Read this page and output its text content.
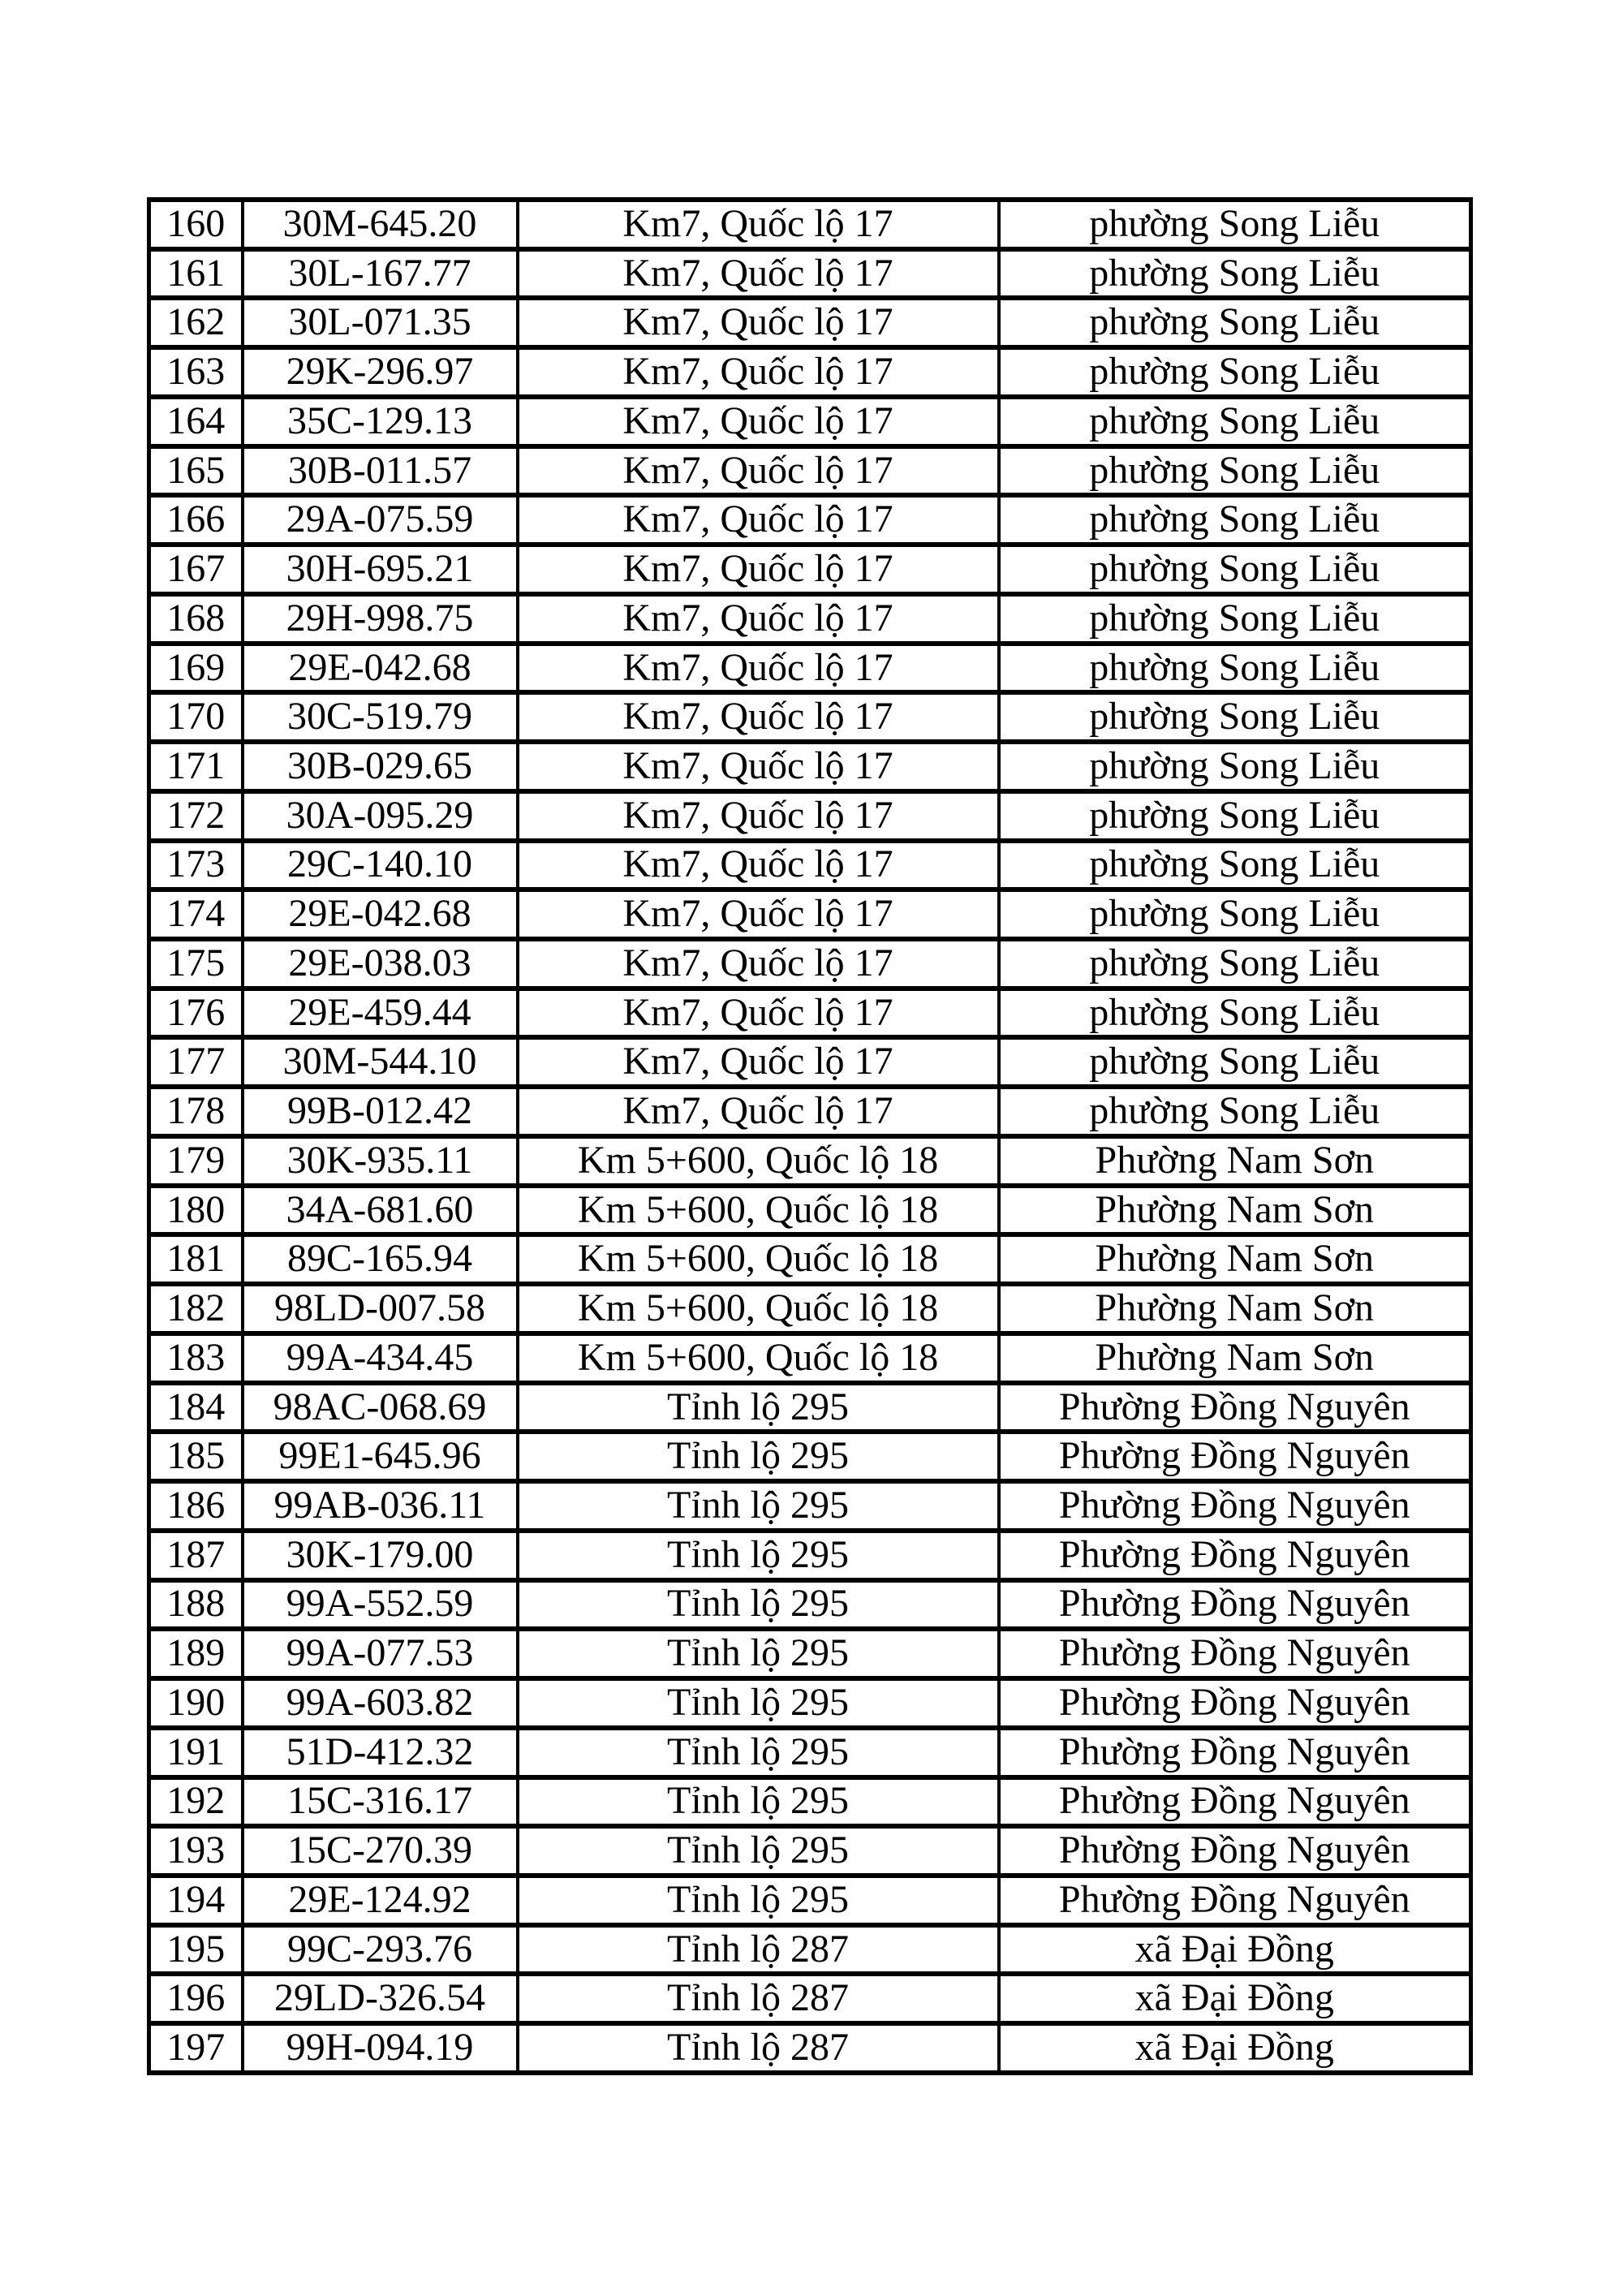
160	30M-645.20	Km7, Quốc lộ 17	phường Song Liễu
161	30L-167.77	Km7, Quốc lộ 17	phường Song Liễu
162	30L-071.35	Km7, Quốc lộ 17	phường Song Liễu
163	29K-296.97	Km7, Quốc lộ 17	phường Song Liễu
164	35C-129.13	Km7, Quốc lộ 17	phường Song Liễu
165	30B-011.57	Km7, Quốc lộ 17	phường Song Liễu
166	29A-075.59	Km7, Quốc lộ 17	phường Song Liễu
167	30H-695.21	Km7, Quốc lộ 17	phường Song Liễu
168	29H-998.75	Km7, Quốc lộ 17	phường Song Liễu
169	29E-042.68	Km7, Quốc lộ 17	phường Song Liễu
170	30C-519.79	Km7, Quốc lộ 17	phường Song Liễu
171	30B-029.65	Km7, Quốc lộ 17	phường Song Liễu
172	30A-095.29	Km7, Quốc lộ 17	phường Song Liễu
173	29C-140.10	Km7, Quốc lộ 17	phường Song Liễu
174	29E-042.68	Km7, Quốc lộ 17	phường Song Liễu
175	29E-038.03	Km7, Quốc lộ 17	phường Song Liễu
176	29E-459.44	Km7, Quốc lộ 17	phường Song Liễu
177	30M-544.10	Km7, Quốc lộ 17	phường Song Liễu
178	99B-012.42	Km7, Quốc lộ 17	phường Song Liễu
179	30K-935.11	Km 5+600, Quốc lộ 18	Phường Nam Sơn
180	34A-681.60	Km 5+600, Quốc lộ 18	Phường Nam Sơn
181	89C-165.94	Km 5+600, Quốc lộ 18	Phường Nam Sơn
182	98LD-007.58	Km 5+600, Quốc lộ 18	Phường Nam Sơn
183	99A-434.45	Km 5+600, Quốc lộ 18	Phường Nam Sơn
184	98AC-068.69	Tỉnh lộ 295	Phường Đồng Nguyên
185	99E1-645.96	Tỉnh lộ 295	Phường Đồng Nguyên
186	99AB-036.11	Tỉnh lộ 295	Phường Đồng Nguyên
187	30K-179.00	Tỉnh lộ 295	Phường Đồng Nguyên
188	99A-552.59	Tỉnh lộ 295	Phường Đồng Nguyên
189	99A-077.53	Tỉnh lộ 295	Phường Đồng Nguyên
190	99A-603.82	Tỉnh lộ 295	Phường Đồng Nguyên
191	51D-412.32	Tỉnh lộ 295	Phường Đồng Nguyên
192	15C-316.17	Tỉnh lộ 295	Phường Đồng Nguyên
193	15C-270.39	Tỉnh lộ 295	Phường Đồng Nguyên
194	29E-124.92	Tỉnh lộ 295	Phường Đồng Nguyên
195	99C-293.76	Tỉnh lộ 287	xã Đại Đồng
196	29LD-326.54	Tỉnh lộ 287	xã Đại Đồng
197	99H-094.19	Tỉnh lộ 287	xã Đại Đồng
